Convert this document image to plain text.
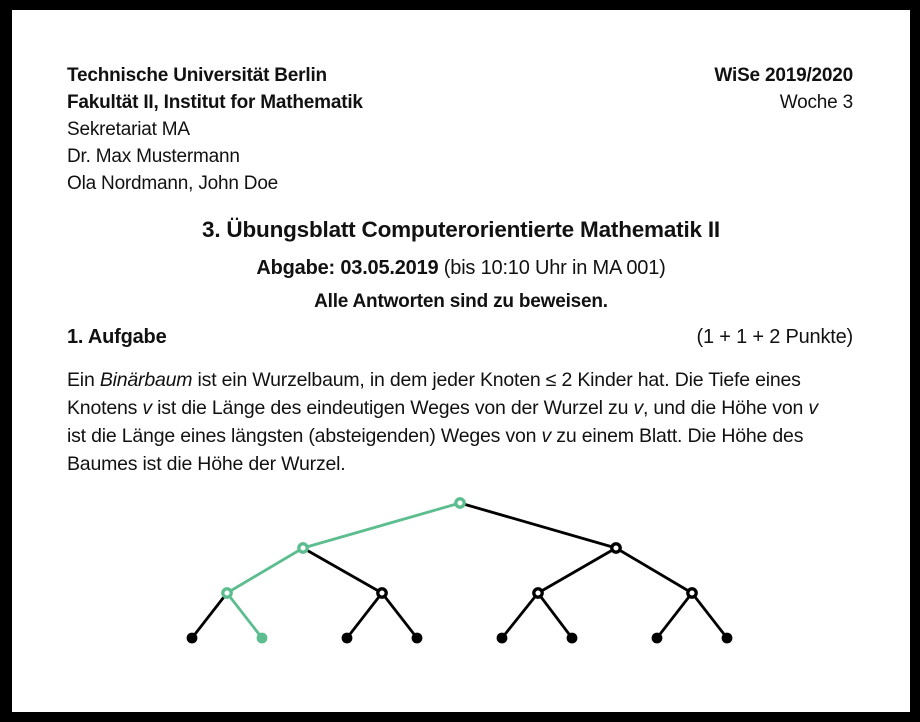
Technische Universität Berlin
Fakultät II, Institut for Mathematik
Sekretariat MA
Dr. Max Mustermann
Ola Nordmann, John Doe
WiSe 2019/2020
Woche 3
3. Übungsblatt Computerorientierte Mathematik II
Abgabe: 03.05.2019 (bis 10:10 Uhr in MA 001)
Alle Antworten sind zu beweisen.
1. Aufgabe	(1 + 1 + 2 Punkte)
Ein Binärbaum ist ein Wurzelbaum, in dem jeder Knoten ≤ 2 Kinder hat. Die Tiefe eines
Knotens v ist die Länge des eindeutigen Weges von der Wurzel zu v, und die Höhe von v
ist die Länge eines längsten (absteigenden) Weges von v zu einem Blatt. Die Höhe des
Baumes ist die Höhe der Wurzel.
